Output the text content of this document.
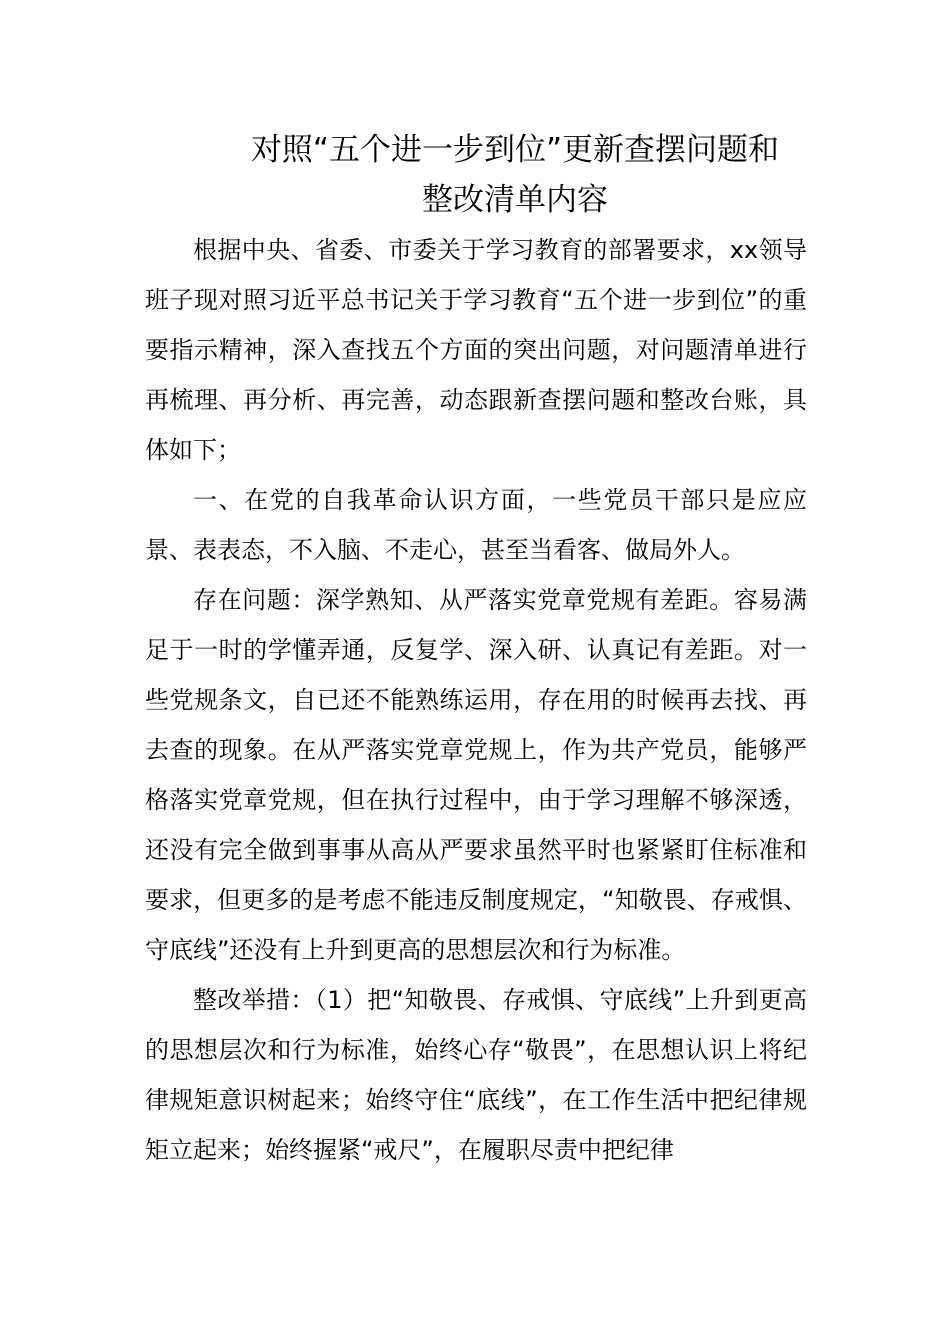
对照“五个进一步到位”更新查摆问题和
整改清单内容

根据中央、省委、市委关于学习教育的部署要求，xx领导班子现对照习近平总书记关于学习教育“五个进一步到位”的重要指示精神，深入查找五个方面的突出问题，对问题清单进行再梳理、再分析、再完善，动态跟新查摆问题和整改台账，具体如下；

一、在党的自我革命认识方面，一些党员干部只是应应景、表表态，不入脑、不走心，甚至当看客、做局外人。

存在问题：深学熟知、从严落实党章党规有差距。容易满足于一时的学懂弄通，反复学、深入研、认真记有差距。对一些党规条文，自已还不能熟练运用，存在用的时候再去找、再去查的现象。在从严落实党章党规上，作为共产党员，能够严格落实党章党规，但在执行过程中，由于学习理解不够深透，还没有完全做到事事从高从严要求虽然平时也紧紧盯住标准和要求，但更多的是考虑不能违反制度规定，“知敬畏、存戒惧、守底线”还没有上升到更高的思想层次和行为标准。

整改举措：（1）把“知敬畏、存戒惧、守底线”上升到更高的思想层次和行为标准，始终心存“敬畏”，在思想认识上将纪律规矩意识树起来；始终守住“底线”，在工作生活中把纪律规矩立起来；始终握紧“戒尺”，在履职尽责中把纪律
